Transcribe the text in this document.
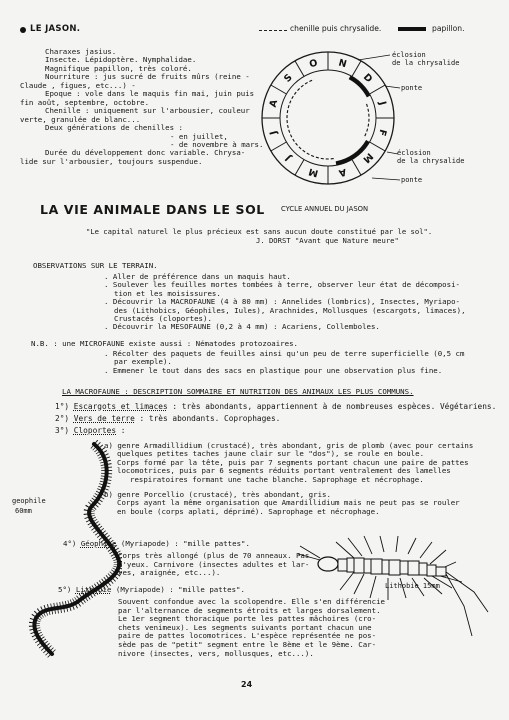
LE JASON.	chenille puis chrysalide.	papillon.
Charaxes jasius.
Insecte. Lépidoptère. Nymphalidae.
Magnifique papillon, très coloré.
Nourriture : jus sucré de fruits mûrs (reine -
Claude , figues, etc...) -
Epoque : vole dans le maquis fin mai, juin puis
fin août, septembre, octobre.
Chenille : uniquement sur l'arbousier, couleur
verte, granulée de blanc...
Deux générations de chenilles :
- en juillet,
- de novembre à mars.
Durée du développement donc variable. Chrysa-
lide sur l'arbousier, toujours suspendue.
J
F
M
A
M
J
J
A
S
O N
D
éclosion
de la chrysalide
ponte
éclosion
de la chrysalide
ponte
CYCLE ANNUEL DU JASON
LA VIE ANIMALE DANS LE SOL
"Le capital naturel le plus précieux est sans aucun doute constitué par le sol".
J. DORST "Avant que Nature meure"
OBSERVATIONS SUR LE TERRAIN.
. Aller de préférence dans un maquis haut.
. Soulever les feuilles mortes tombées à terre, observer leur état de décomposi-
tion et les moisissures.
. Découvrir la MACROFAUNE (4 à 80 mm) : Annelides (lombrics), Insectes, Myriapo-
des (Lithobics, Géophiles, Iules), Arachnides, Mollusques (escargots, limaces),
Crustacés (cloportes).
. Découvrir la MESOFAUNE (0,2 à 4 mm) : Acariens, Collemboles.
N.B. : une MICROFAUNE existe aussi : Nématodes protozoaires.
. Récolter des paquets de feuilles ainsi qu'un peu de terre superficielle (0,5 cm
par exemple).
. Emmener le tout dans des sacs en plastique pour une observation plus fine.
LA MACROFAUNE : DESCRIPTION SOMMAIRE ET NUTRITION DES ANIMAUX LES PLUS COMMUNS.
1°) Escargots et limaces : très abondants, appartiennent à de nombreuses espèces. Végétariens.
2°) Vers de terre : très abondants. Coprophages.
3°) Cloportes :
a) genre Armadillidium (crustacé), très abondant, gris de plomb (avec pour certains
quelques petites taches jaune clair sur le "dos"), se roule en boule.
Corps formé par la tête, puis par 7 segments portant chacun une paire de pattes
locomotrices, puis par 6 segments réduits portant ventralement des lamelles
respiratoires formant une tache blanche. Saprophage et nécrophage.
b) genre Porcellio (crustacé), très abondant, gris.
Corps ayant la même organisation que Amardillidium mais ne peut pas se rouler
en boule (corps aplati, déprimé). Saprophage et nécrophage.
4°) Géophile (Myriapode) : "mille pattes".
Corps très allongé (plus de 70 anneaux. Pas
d'yeux. Carnivore (insectes adultes et lar-
ves, araignée, etc...).
5°) Lithobie (Myriapode) : "mille pattes".
Souvent confondue avec la scolopendre. Elle s'en différencie
par l'alternance de segments étroits et larges dorsalement.
Le 1er segment thoracique porte les pattes mâchoires (cro-
chets venimeux). Les segments suivants portant chacun une
paire de pattes locomotrices. L'espèce représentée ne pos-
sède pas de "petit" segment entre le 8ème et le 9ème. Car-
nivore (insectes, vers, mollusques, etc...).
geophile
60mm
Lithobie 15mm
24
